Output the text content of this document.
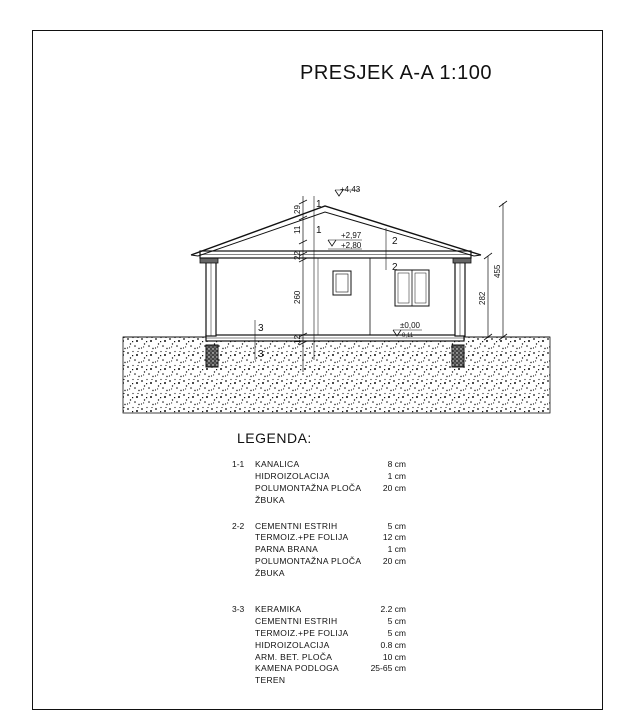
PRESJEK A-A 1:100
29
11
22
260
12
1
1
2
2
3
3
+4,43
+2,97
+2,80
±0,00
-0,11
455
282
LEGENDA:
1-1 KANALICA	8 cm
HIDROIZOLACIJA	1 cm
POLUMONTAŽNA PLOČA	20 cm
ŽBUKA
2-2 CEMENTNI ESTRIH	5 cm
TERMOIZ.+PE FOLIJA	12 cm
PARNA BRANA	1 cm
POLUMONTAŽNA PLOČA	20 cm
ŽBUKA
3-3 KERAMIKA	2.2 cm
CEMENTNI ESTRIH	5 cm
TERMOIZ.+PE FOLIJA	5 cm
HIDROIZOLACIJA	0.8 cm
ARM. BET. PLOČA	10 cm
KAMENA PODLOGA	25-65 cm
TEREN
